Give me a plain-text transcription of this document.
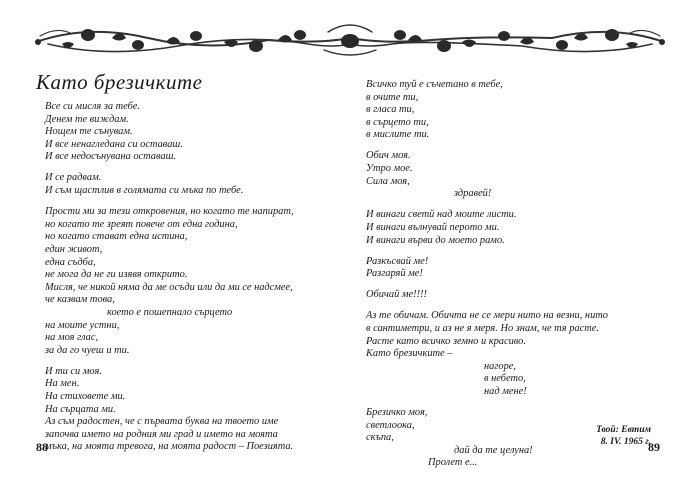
Като брезичките
Все си мисля за тебе.
Денем те виждам.
Нощем те сънувам.
И все ненагледана си оставаш.
И все недосънувана оставаш.
И се радвам.
И съм щастлив в голямата си мъка по тебе.
Прости ми за тези откровения, но когато те напират,
но когато те зреят повече от една година,
но когато стават една истина,
един живот,
една съдба,
не мога да не ги изявя открито.
Мисля, че никой няма да ме осъди или да ми се надсмее,
че казвам това,
което е пошепнало сърцето
на моите устни,
на моя глас,
за да го чуеш и ти.
И ти си моя.
На мен.
На стиховете ми.
На сърцата ми.
Аз съм радостен, че с първата буква на твоето име
започва името на родния ми град и името на моята
мъка, на моята тревога, на моята радост – Поезията.
Всичко туй е съчетано в тебе,
в очите ти,
в гласа ти,
в сърцето ти,
в мислите ти.
Обич моя.
Утро мое.
Сила моя,
здравей!
И винаги светй над моите листи.
И винаги вълнувай перото ми.
И винаги върви до моето рамо.
Разкъсвай ме!
Разгаряй ме!
Обичай ме!!!!
Аз те обичам. Обичта не се мери нито на везни, нито
в сантиметри, и аз не я меря. Но знам, че тя расте.
Расте като всичко земно и красиво.
Като брезичките –
нагоре,
в небето,
над мене!
Брезичко моя,
светлоока,
скъпа,
дай да те целуна!
Пролет е...
Твой: Евтим
8. IV. 1965 г.
88	89
